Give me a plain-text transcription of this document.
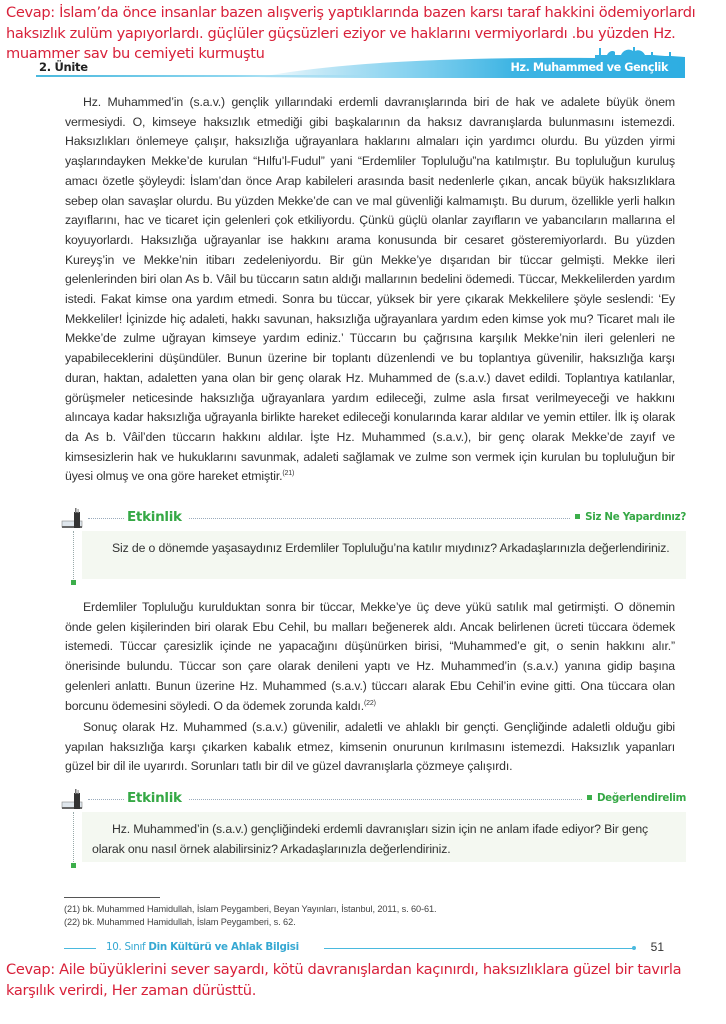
Cevap: İslam’da önce insanlar bazen alışveriş yaptıklarında bazen karsı taraf hakkini ödemiyorlardı haksızlık zulüm yapıyorlardı. güçlüler güçsüzleri eziyor ve haklarını vermiyorlardı .bu yüzden Hz. muammer sav bu cemiyeti kurmuştu
2. Ünite	Hz. Muhammed ve Gençlik

Hz. Muhammed’in (s.a.v.) gençlik yıllarındaki erdemli davranışlarında biri de hak ve adalete büyük önem vermesiydi. O, kimseye haksızlık etmediği gibi başkalarının da haksız davranışlarda bulunmasını istemezdi. Haksızlıkları önlemeye çalışır, haksızlığa uğrayanlara haklarını almaları için yardımcı olurdu. Bu yüzden yirmi yaşlarındayken Mekke’de kurulan “Hılfu’l-Fudul” yani “Erdemliler Topluluğu”na katılmıştır. Bu topluluğun kuruluş amacı özetle şöyleydi: İslam’dan önce Arap kabileleri arasında basit nedenlerle çıkan, ancak büyük haksızlıklara sebep olan savaşlar olurdu. Bu yüzden Mekke’de can ve mal güvenliği kalmamıştı. Bu durum, özellikle yerli halkın zayıflarını, hac ve ticaret için gelenleri çok etkiliyordu. Çünkü güçlü olanlar zayıfların ve yabancıların mallarına el koyuyorlardı. Haksızlığa uğrayanlar ise hakkını arama konusunda bir cesaret gösteremiyorlardı. Bu yüzden Kureyş’in ve Mekke’nin itibarı zedeleniyordu. Bir gün Mekke’ye dışarıdan bir tüccar gelmişti. Mekke ileri gelenlerinden biri olan As b. Vâil bu tüccarın satın aldığı mallarının bedelini ödemedi. Tüccar, Mekkelilerden yardım istedi. Fakat kimse ona yardım etmedi. Sonra bu tüccar, yüksek bir yere çıkarak Mekkelilere şöyle seslendi: ‘Ey Mekkeliler! İçinizde hiç adaleti, hakkı savunan, haksızlığa uğrayanlara yardım eden kimse yok mu? Ticaret malı ile Mekke’de zulme uğrayan kimseye yardım ediniz.’ Tüccarın bu çağrısına karşılık Mekke’nin ileri gelenleri ne yapabileceklerini düşündüler. Bunun üzerine bir toplantı düzenlendi ve bu toplantıya güvenilir, haksızlığa karşı duran, haktan, adaletten yana olan bir genç olarak Hz. Muhammed de (s.a.v.) davet edildi. Toplantıya katılanlar, görüşmeler neticesinde haksızlığa uğrayanlara yardım edileceği, zulme asla fırsat verilmeyeceği ve hakkını alıncaya kadar haksızlığa uğrayanla birlikte hareket edileceği konularında karar aldılar ve yemin ettiler. İlk iş olarak da As b. Vâil’den tüccarın hakkını aldılar. İşte Hz. Muhammed (s.a.v.), bir genç olarak Mekke’de zayıf ve kimsesizlerin hak ve hukuklarını savunmak, adaleti sağlamak ve zulme son vermek için kurulan bu topluluğun bir üyesi olmuş ve ona göre hareket etmiştir.$^{(21)}$

Etkinlik	Siz Ne Yapardınız?

Siz de o dönemde yaşasaydınız Erdemliler Topluluğu’na katılır mıydınız? Arkadaşlarınızla değerlendiriniz.

Erdemliler Topluluğu kurulduktan sonra bir tüccar, Mekke’ye üç deve yükü satılık mal getirmişti. O dönemin önde gelen kişilerinden biri olarak Ebu Cehil, bu malları beğenerek aldı. Ancak belirlenen ücreti tüccara ödemek istemedi. Tüccar çaresizlik içinde ne yapacağını düşünürken birisi, “Muhammed’e git, o senin hakkını alır.” önerisinde bulundu. Tüccar son çare olarak denileni yaptı ve Hz. Muhammed’in (s.a.v.) yanına gidip başına gelenleri anlattı. Bunun üzerine Hz. Muhammed (s.a.v.) tüccarı alarak Ebu Cehil’in evine gitti. Ona tüccara olan borcunu ödemesini söyledi. O da ödemek zorunda kaldı.$^{(22)}$

Sonuç olarak Hz. Muhammed (s.a.v.) güvenilir, adaletli ve ahlaklı bir gençti. Gençliğinde adaletli olduğu gibi yapılan haksızlığa karşı çıkarken kabalık etmez, kimsenin onurunun kırılmasını istemezdi. Haksızlık yapanları güzel bir dil ile uyarırdı. Sorunları tatlı bir dil ve güzel davranışlarla çözmeye çalışırdı.

Etkinlik	Değerlendirelim

Hz. Muhammed’in (s.a.v.) gençliğindeki erdemli davranışları sizin için ne anlam ifade ediyor? Bir genç olarak onu nasıl örnek alabilirsiniz? Arkadaşlarınızla değerlendiriniz.

(21) bk. Muhammed Hamidullah, İslam Peygamberi, Beyan Yayınları, İstanbul, 2011, s. 60-61.
(22) bk. Muhammed Hamidullah, İslam Peygamberi, s. 62.
10. Sınıf Din Kültürü ve Ahlak Bilgisi	51
Cevap: Aile büyüklerini sever sayardı, kötü davranışlardan kaçınırdı, haksızlıklara güzel bir tavırla karşılık verirdi, Her zaman dürüsttü.
